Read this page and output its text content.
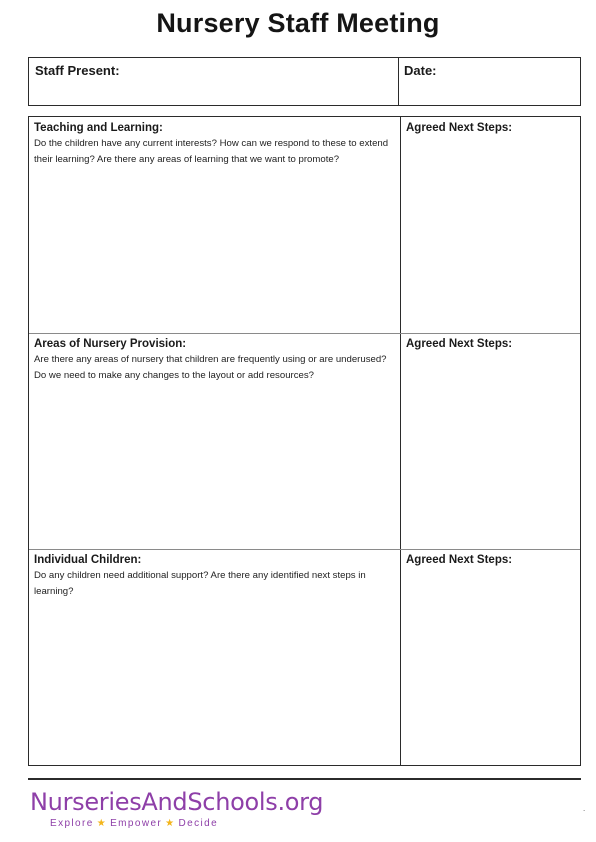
Nursery Staff Meeting
Staff Present:	Date:
Teaching and Learning:
Do the children have any current interests? How can we respond to these to extend their learning? Are there any areas of learning that we want to promote?
Agreed Next Steps:
Areas of Nursery Provision:
Are there any areas of nursery that children are frequently using or are underused? Do we need to make any changes to the layout or add resources?
Agreed Next Steps:
Individual Children:
Do any children need additional support? Are there any identified next steps in learning?
Agreed Next Steps:
NurseriesAndSchools.org
Explore ★ Empower ★ Decide
.
